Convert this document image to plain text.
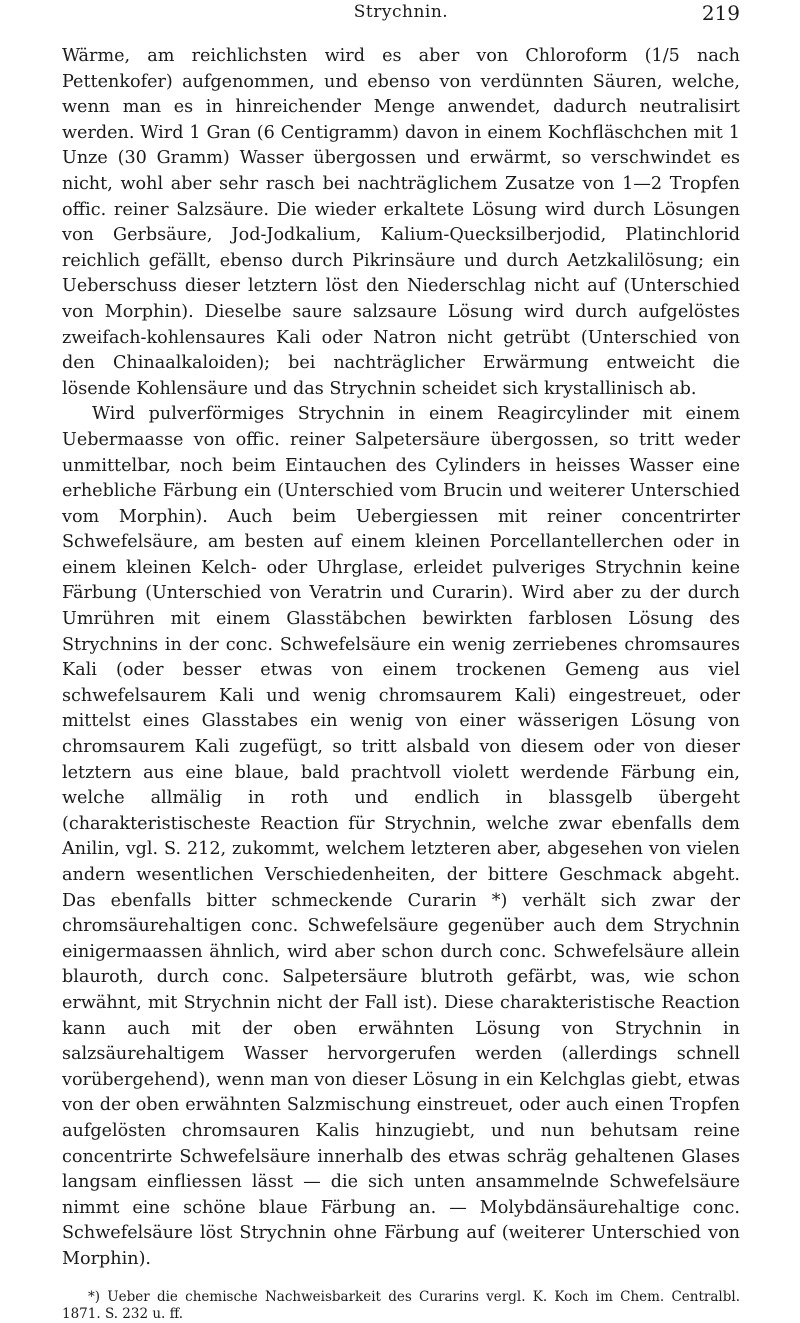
Strychnin.	219

Wärme, am reichlichsten wird es aber von Chloroform (1/5 nach Pettenkofer) aufgenommen, und ebenso von verdünnten Säuren, welche, wenn man es in hinreichender Menge anwendet, dadurch neutralisirt werden. Wird 1 Gran (6 Centigramm) davon in einem Kochfläschchen mit 1 Unze (30 Gramm) Wasser übergossen und erwärmt, so verschwindet es nicht, wohl aber sehr rasch bei nachträglichem Zusatze von 1—2 Tropfen offic. reiner Salzsäure. Die wieder erkaltete Lösung wird durch Lösungen von Gerbsäure, Jod-Jodkalium, Kalium-Quecksilberjodid, Platinchlorid reichlich gefällt, ebenso durch Pikrinsäure und durch Aetzkalilösung; ein Ueberschuss dieser letztern löst den Niederschlag nicht auf (Unterschied von Morphin). Dieselbe saure salzsaure Lösung wird durch aufgelöstes zweifach-kohlensaures Kali oder Natron nicht getrübt (Unterschied von den Chinaalkaloiden); bei nachträglicher Erwärmung entweicht die lösende Kohlensäure und das Strychnin scheidet sich krystallinisch ab.

Wird pulverförmiges Strychnin in einem Reagircylinder mit einem Uebermaasse von offic. reiner Salpetersäure übergossen, so tritt weder unmittelbar, noch beim Eintauchen des Cylinders in heisses Wasser eine erhebliche Färbung ein (Unterschied vom Brucin und weiterer Unterschied vom Morphin). Auch beim Uebergiessen mit reiner concentrirter Schwefelsäure, am besten auf einem kleinen Porcellantellerchen oder in einem kleinen Kelch- oder Uhrglase, erleidet pulveriges Strychnin keine Färbung (Unterschied von Veratrin und Curarin). Wird aber zu der durch Umrühren mit einem Glasstäbchen bewirkten farblosen Lösung des Strychnins in der conc. Schwefelsäure ein wenig zerriebenes chromsaures Kali (oder besser etwas von einem trockenen Gemeng aus viel schwefelsaurem Kali und wenig chromsaurem Kali) eingestreuet, oder mittelst eines Glasstabes ein wenig von einer wässerigen Lösung von chromsaurem Kali zugefügt, so tritt alsbald von diesem oder von dieser letztern aus eine blaue, bald prachtvoll violett werdende Färbung ein, welche allmälig in roth und endlich in blassgelb übergeht (charakteristischeste Reaction für Strychnin, welche zwar ebenfalls dem Anilin, vgl. S. 212, zukommt, welchem letzteren aber, abgesehen von vielen andern wesentlichen Verschiedenheiten, der bittere Geschmack abgeht. Das ebenfalls bitter schmeckende Curarin *) verhält sich zwar der chromsäurehaltigen conc. Schwefelsäure gegenüber auch dem Strychnin einigermaassen ähnlich, wird aber schon durch conc. Schwefelsäure allein blauroth, durch conc. Salpetersäure blutroth gefärbt, was, wie schon erwähnt, mit Strychnin nicht der Fall ist). Diese charakteristische Reaction kann auch mit der oben erwähnten Lösung von Strychnin in salzsäurehaltigem Wasser hervorgerufen werden (allerdings schnell vorübergehend), wenn man von dieser Lösung in ein Kelchglas giebt, etwas von der oben erwähnten Salzmischung einstreuet, oder auch einen Tropfen aufgelösten chromsauren Kalis hinzugiebt, und nun behutsam reine concentrirte Schwefelsäure innerhalb des etwas schräg gehaltenen Glases langsam einfliessen lässt — die sich unten ansammelnde Schwefelsäure nimmt eine schöne blaue Färbung an. — Molybdänsäurehaltige conc. Schwefelsäure löst Strychnin ohne Färbung auf (weiterer Unterschied von Morphin).

*) Ueber die chemische Nachweisbarkeit des Curarins vergl. K. Koch im Chem. Centralbl. 1871. S. 232 u. ff.
